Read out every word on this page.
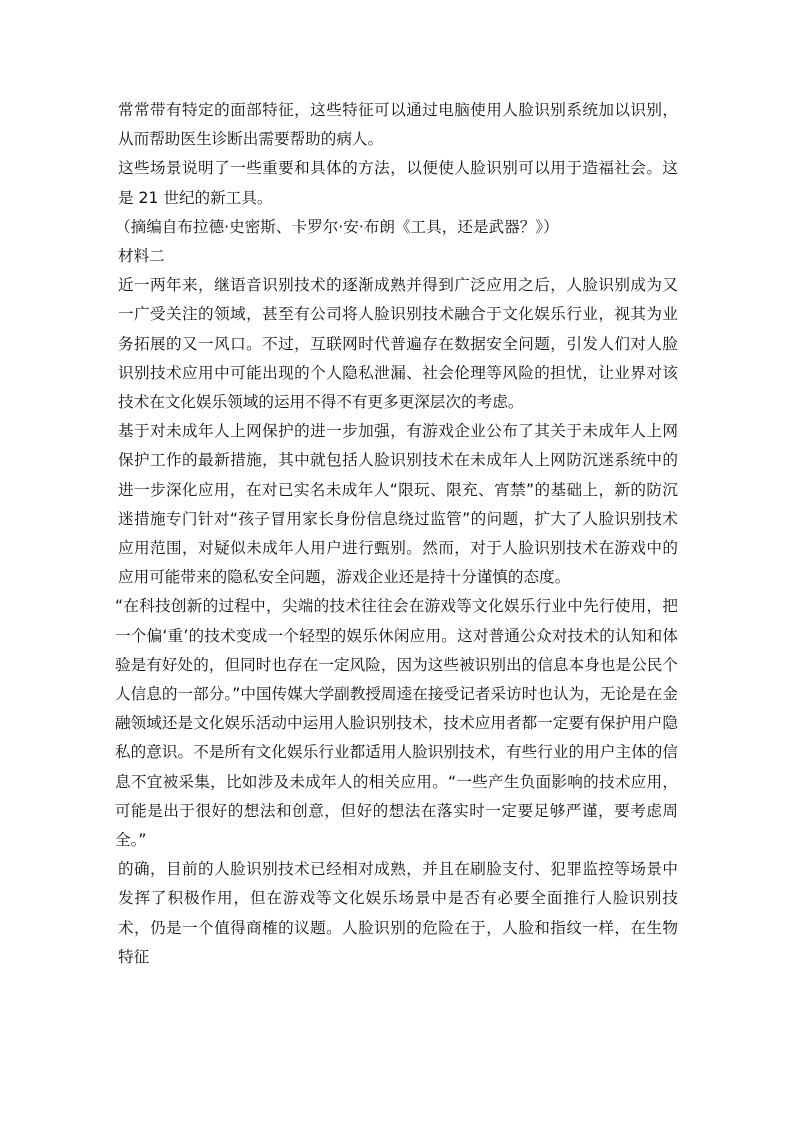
常常带有特定的面部特征，这些特征可以通过电脑使用人脸识别系统加以识别，从而帮助医生诊断出需要帮助的病人。

这些场景说明了一些重要和具体的方法，以便使人脸识别可以用于造福社会。这是 21 世纪的新工具。

（摘编自布拉德·史密斯、卡罗尔·安·布朗《工具，还是武器？》）

材料二

近一两年来，继语音识别技术的逐渐成熟并得到广泛应用之后，人脸识别成为又一广受关注的领域，甚至有公司将人脸识别技术融合于文化娱乐行业，视其为业务拓展的又一风口。不过，互联网时代普遍存在数据安全问题，引发人们对人脸识别技术应用中可能出现的个人隐私泄漏、社会伦理等风险的担忧，让业界对该技术在文化娱乐领域的运用不得不有更多更深层次的考虑。

基于对未成年人上网保护的进一步加强，有游戏企业公布了其关于未成年人上网保护工作的最新措施，其中就包括人脸识别技术在未成年人上网防沉迷系统中的进一步深化应用，在对已实名未成年人“限玩、限充、宵禁”的基础上，新的防沉迷措施专门针对“孩子冒用家长身份信息绕过监管”的问题，扩大了人脸识别技术应用范围，对疑似未成年人用户进行甄别。然而，对于人脸识别技术在游戏中的应用可能带来的隐私安全问题，游戏企业还是持十分谨慎的态度。

“在科技创新的过程中，尖端的技术往往会在游戏等文化娱乐行业中先行使用，把一个偏‘重’的技术变成一个轻型的娱乐休闲应用。这对普通公众对技术的认知和体验是有好处的，但同时也存在一定风险，因为这些被识别出的信息本身也是公民个人信息的一部分。”中国传媒大学副教授周逵在接受记者采访时也认为，无论是在金融领域还是文化娱乐活动中运用人脸识别技术，技术应用者都一定要有保护用户隐私的意识。不是所有文化娱乐行业都适用人脸识别技术，有些行业的用户主体的信息不宜被采集，比如涉及未成年人的相关应用。“一些产生负面影响的技术应用，可能是出于很好的想法和创意，但好的想法在落实时一定要足够严谨，要考虑周全。”

的确，目前的人脸识别技术已经相对成熟，并且在刷脸支付、犯罪监控等场景中发挥了积极作用，但在游戏等文化娱乐场景中是否有必要全面推行人脸识别技术，仍是一个值得商榷的议题。人脸识别的危险在于，人脸和指纹一样，在生物特征
